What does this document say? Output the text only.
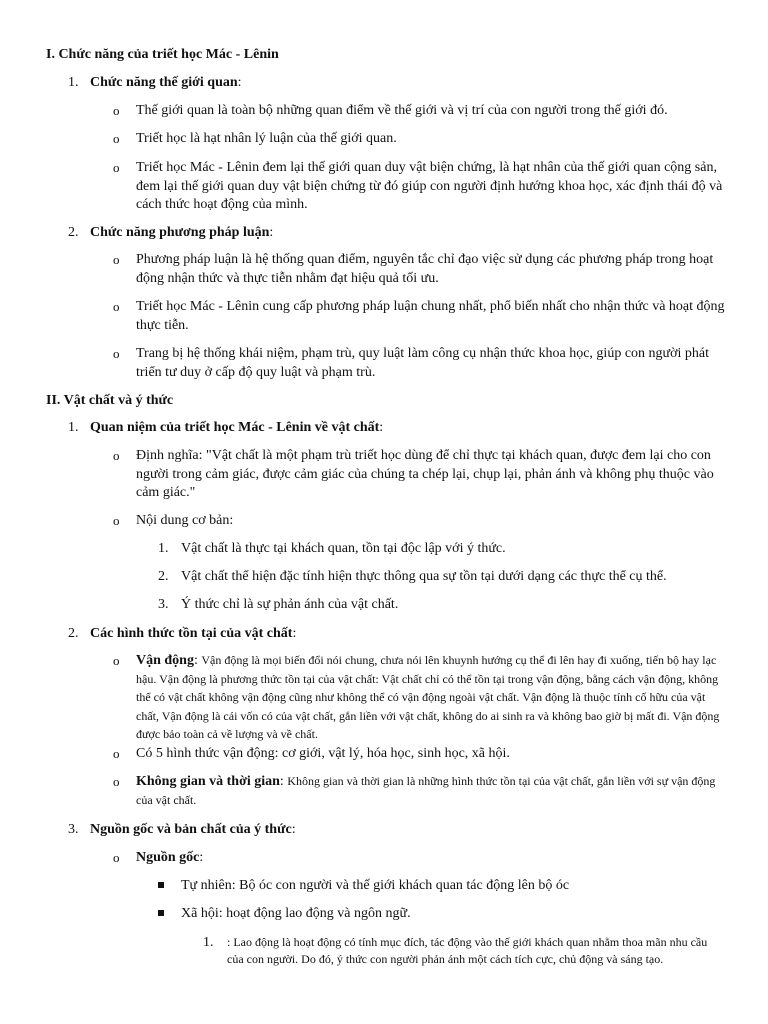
I. Chức năng của triết học Mác - Lênin
1. Chức năng thế giới quan:
o Thế giới quan là toàn bộ những quan điểm về thế giới và vị trí của con người trong thế giới đó.
o Triết học là hạt nhân lý luận của thế giới quan.
o Triết học Mác - Lênin đem lại thế giới quan duy vật biện chứng, là hạt nhân của thế giới quan cộng sản, đem lại thế giới quan duy vật biện chứng từ đó giúp con người định hướng khoa học, xác định thái độ và cách thức hoạt động của mình.
2. Chức năng phương pháp luận:
o Phương pháp luận là hệ thống quan điểm, nguyên tắc chỉ đạo việc sử dụng các phương pháp trong hoạt động nhận thức và thực tiễn nhằm đạt hiệu quả tối ưu.
o Triết học Mác - Lênin cung cấp phương pháp luận chung nhất, phổ biến nhất cho nhận thức và hoạt động thực tiễn.
o Trang bị hệ thống khái niệm, phạm trù, quy luật làm công cụ nhận thức khoa học, giúp con người phát triển tư duy ở cấp độ quy luật và phạm trù.
II. Vật chất và ý thức
1. Quan niệm của triết học Mác - Lênin về vật chất:
o Định nghĩa: "Vật chất là một phạm trù triết học dùng để chỉ thực tại khách quan, được đem lại cho con người trong cảm giác, được cảm giác của chúng ta chép lại, chụp lại, phản ánh và không phụ thuộc vào cảm giác."
o Nội dung cơ bản:
1. Vật chất là thực tại khách quan, tồn tại độc lập với ý thức.
2. Vật chất thể hiện đặc tính hiện thực thông qua sự tồn tại dưới dạng các thực thể cụ thể.
3. Ý thức chỉ là sự phản ánh của vật chất.
2. Các hình thức tồn tại của vật chất:
o Vận động: Vận động là mọi biến đổi nói chung, chưa nói lên khuynh hướng cụ thể đi lên hay đi xuống, tiến bộ hay lạc hậu. Vận động là phương thức tồn tại của vật chất: Vật chất chỉ có thể tồn tại trong vận động, bằng cách vận động, không thể có vật chất không vận động cũng như không thể có vận động ngoài vật chất. Vận động là thuộc tính cố hữu của vật chất, Vận động là cái vốn có của vật chất, gắn liền với vật chất, không do ai sinh ra và không bao giờ bị mất đi. Vận động được bảo toàn cả về lượng và về chất.
o Có 5 hình thức vận động: cơ giới, vật lý, hóa học, sinh học, xã hội.
o Không gian và thời gian: Không gian và thời gian là những hình thức tồn tại của vật chất, gắn liền với sự vận động của vật chất.
3. Nguồn gốc và bản chất của ý thức:
o Nguồn gốc:
Tự nhiên: Bộ óc con người và thế giới khách quan tác động lên bộ óc
Xã hội: hoạt động lao động và ngôn ngữ.
1. : Lao động là hoạt động có tính mục đích, tác động vào thế giới khách quan nhằm thoa mãn nhu cầu của con người. Do đó, ý thức con người phản ánh một cách tích cực, chủ động và sáng tạo.
